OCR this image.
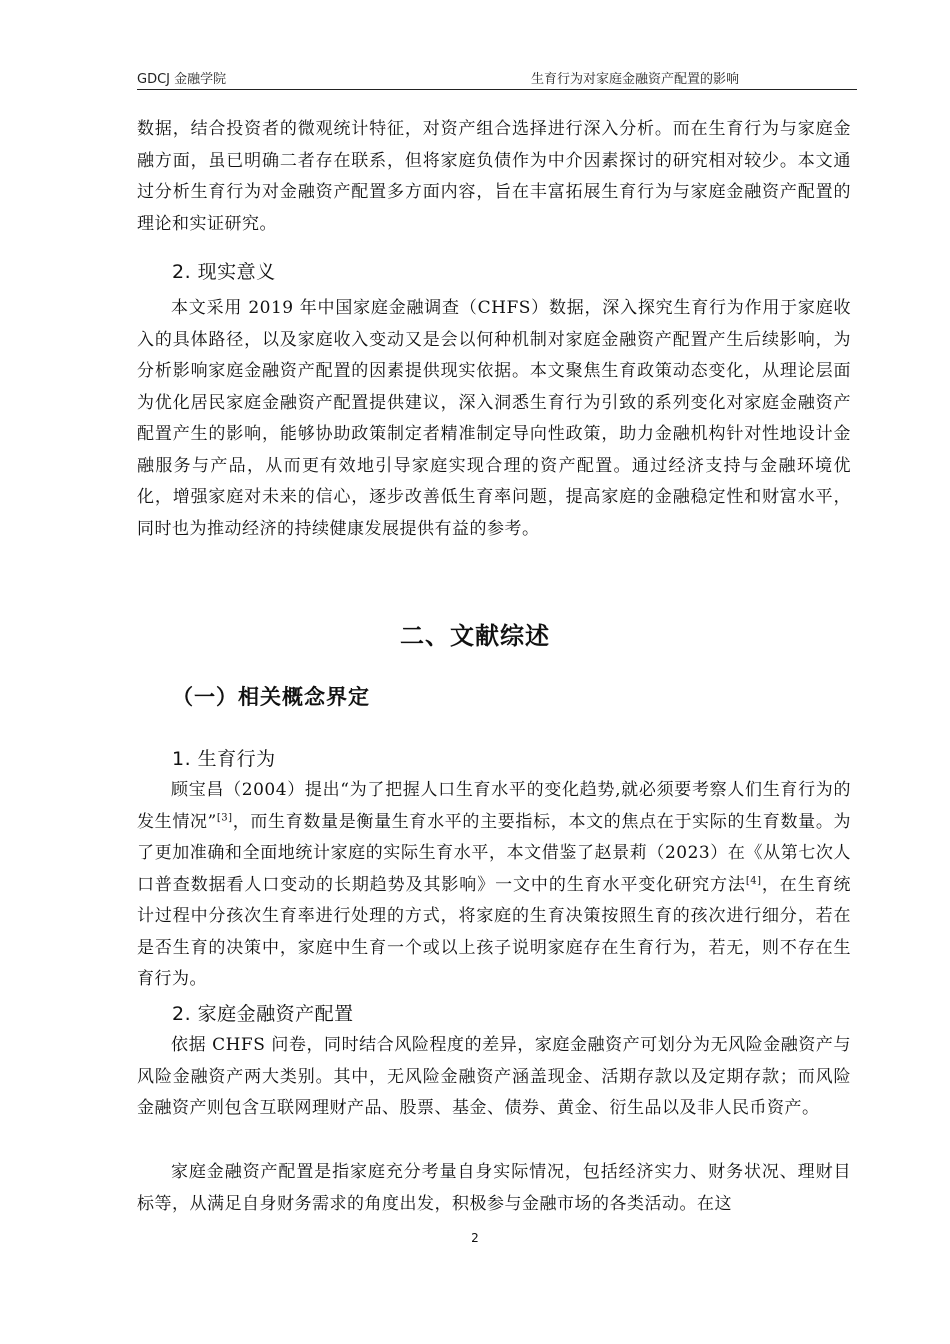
GDCJ 金融学院	生育行为对家庭金融资产配置的影响

数据，结合投资者的微观统计特征，对资产组合选择进行深入分析。而在生育行为与家庭金融方面，虽已明确二者存在联系，但将家庭负债作为中介因素探讨的研究相对较少。本文通过分析生育行为对金融资产配置多方面内容，旨在丰富拓展生育行为与家庭金融资产配置的理论和实证研究。

2. 现实意义

本文采用 2019 年中国家庭金融调查（CHFS）数据，深入探究生育行为作用于家庭收入的具体路径，以及家庭收入变动又是会以何种机制对家庭金融资产配置产生后续影响，为分析影响家庭金融资产配置的因素提供现实依据。本文聚焦生育政策动态变化，从理论层面为优化居民家庭金融资产配置提供建议，深入洞悉生育行为引致的系列变化对家庭金融资产配置产生的影响，能够协助政策制定者精准制定导向性政策，助力金融机构针对性地设计金融服务与产品，从而更有效地引导家庭实现合理的资产配置。通过经济支持与金融环境优化，增强家庭对未来的信心，逐步改善低生育率问题，提高家庭的金融稳定性和财富水平，同时也为推动经济的持续健康发展提供有益的参考。

二、文献综述
（一）相关概念界定
1. 生育行为

顾宝昌（2004）提出“为了把握人口生育水平的变化趋势,就必须要考察人们生育行为的发生情况”[3]，而生育数量是衡量生育水平的主要指标，本文的焦点在于实际的生育数量。为了更加准确和全面地统计家庭的实际生育水平，本文借鉴了赵景莉（2023）在《从第七次人口普查数据看人口变动的长期趋势及其影响》一文中的生育水平变化研究方法[4]，在生育统计过程中分孩次生育率进行处理的方式，将家庭的生育决策按照生育的孩次进行细分，若在是否生育的决策中，家庭中生育一个或以上孩子说明家庭存在生育行为，若无，则不存在生育行为。

2. 家庭金融资产配置

依据 CHFS 问卷，同时结合风险程度的差异，家庭金融资产可划分为无风险金融资产与风险金融资产两大类别。其中，无风险金融资产涵盖现金、活期存款以及定期存款；而风险金融资产则包含互联网理财产品、股票、基金、债券、黄金、衍生品以及非人民币资产。

家庭金融资产配置是指家庭充分考量自身实际情况，包括经济实力、财务状况、理财目标等，从满足自身财务需求的角度出发，积极参与金融市场的各类活动。在这

2
